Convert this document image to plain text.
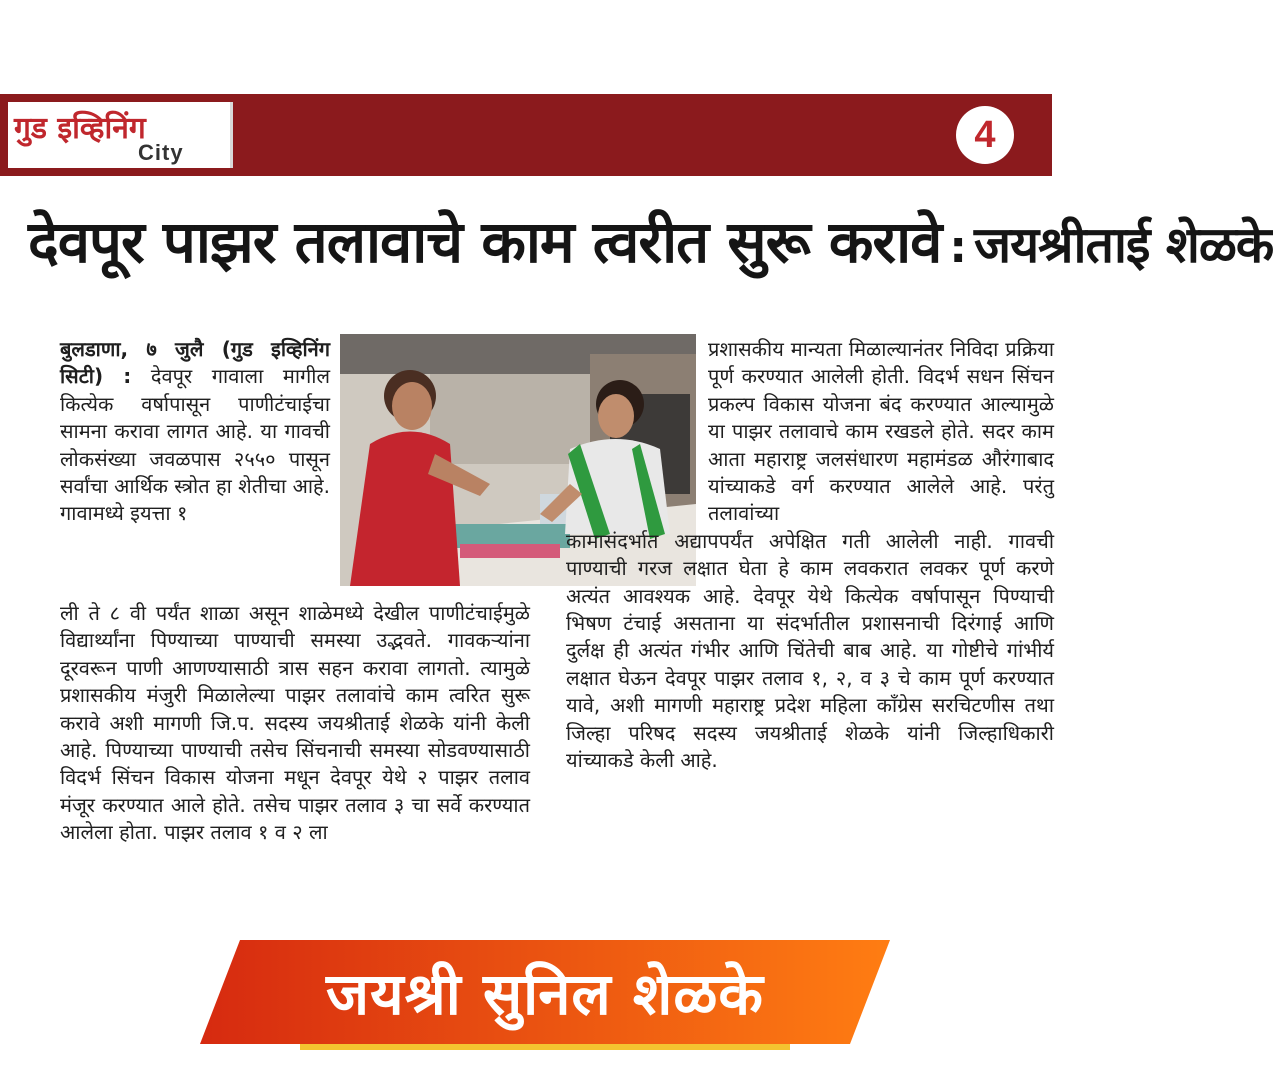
गुड इव्हिनिंग
City	4
देवपूर पाझर तलावाचे काम त्वरीत सुरू करावे : जयश्रीताई शेळके

बुलडाणा, ७ जुलै (गुड इव्हिनिंग सिटी) : देवपूर गावाला मागील कित्येक वर्षापासून पाणीटंचाईचा सामना करावा लागत आहे. या गावची लोकसंख्या जवळपास २५५० पासून सर्वांचा आर्थिक स्त्रोत हा शेतीचा आहे. गावामध्ये इयत्ता १

प्रशासकीय मान्यता मिळाल्यानंतर निविदा प्रक्रिया पूर्ण करण्यात आलेली होती. विदर्भ सधन सिंचन प्रकल्प विकास योजना बंद करण्यात आल्यामुळे या पाझर तलावाचे काम रखडले होते. सदर काम आता महाराष्ट्र जलसंधारण महामंडळ औरंगाबाद यांच्याकडे वर्ग करण्यात आलेले आहे. परंतु तलावांच्या

कामासंदर्भात अद्यापपर्यंत अपेक्षित गती आलेली नाही. गावची पाण्याची गरज लक्षात घेता हे काम लवकरात लवकर पूर्ण करणे अत्यंत आवश्यक आहे. देवपूर येथे कित्येक वर्षापासून पिण्याची भिषण टंचाई असताना या संदर्भातील प्रशासनाची दिरंगाई आणि दुर्लक्ष ही अत्यंत गंभीर आणि चिंतेची बाब आहे. या गोष्टीचे गांभीर्य लक्षात घेऊन देवपूर पाझर तलाव १, २, व ३ चे काम पूर्ण करण्यात यावे, अशी मागणी महाराष्ट्र प्रदेश महिला काँग्रेस सरचिटणीस तथा जिल्हा परिषद सदस्य जयश्रीताई शेळके यांनी जिल्हाधिकारी यांच्याकडे केली आहे.

ली ते ८ वी पर्यंत शाळा असून शाळेमध्ये देखील पाणीटंचाईमुळे विद्यार्थ्यांना पिण्याच्या पाण्याची समस्या उद्भवते. गावकऱ्यांना दूरवरून पाणी आणण्यासाठी त्रास सहन करावा लागतो. त्यामुळे प्रशासकीय मंजुरी मिळालेल्या पाझर तलावांचे काम त्वरित सुरू करावे अशी मागणी जि.प. सदस्य जयश्रीताई शेळके यांनी केली आहे. पिण्याच्या पाण्याची तसेच सिंचनाची समस्या सोडवण्यासाठी विदर्भ सिंचन विकास योजना मधून देवपूर येथे २ पाझर तलाव मंजूर करण्यात आले होते. तसेच पाझर तलाव ३ चा सर्वे करण्यात आलेला होता. पाझर तलाव १ व २ ला

जयश्री सुनिल शेळके
